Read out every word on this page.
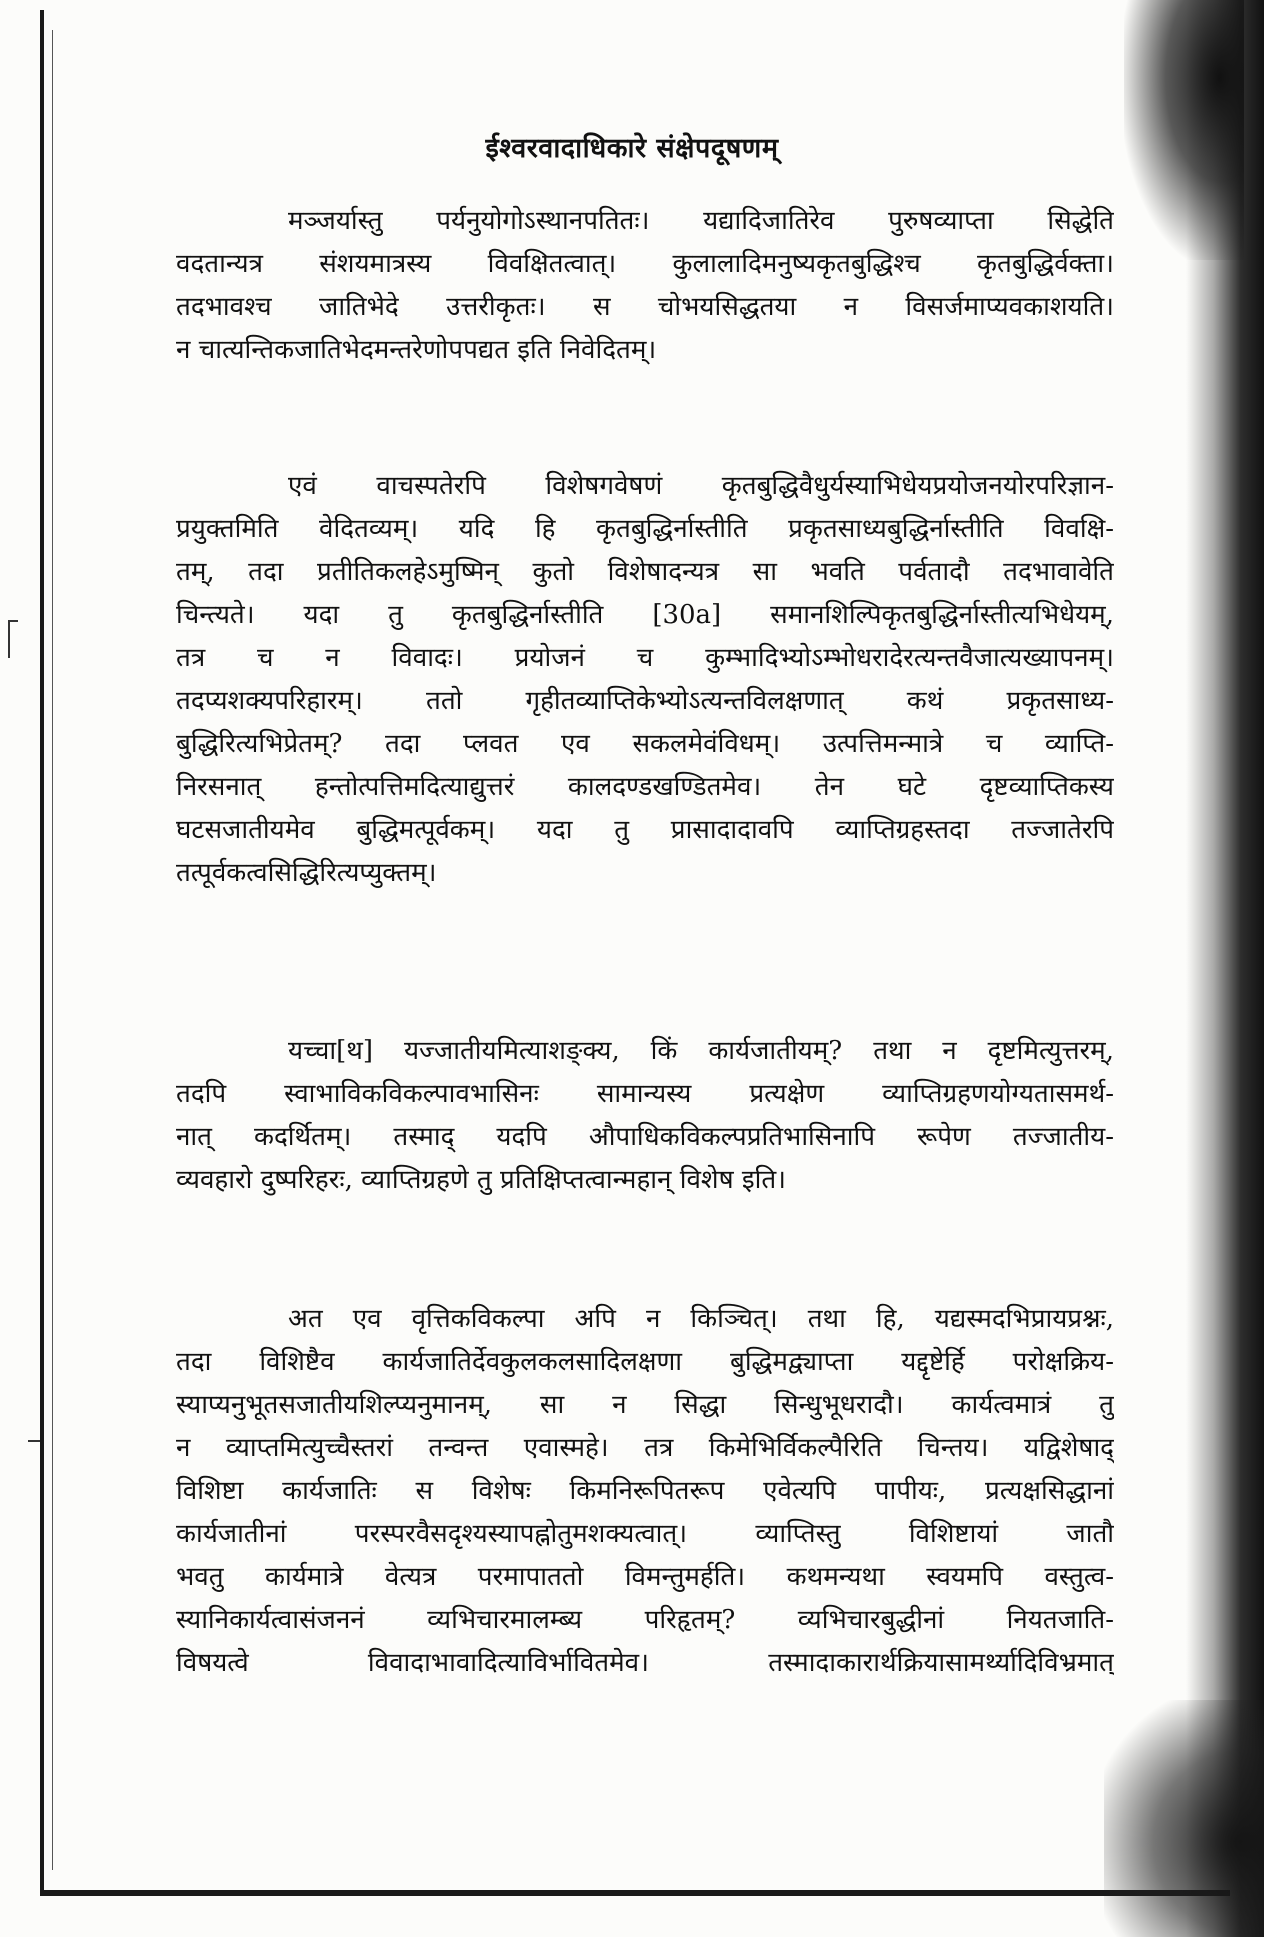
ईश्वरवादाधिकारे संक्षेपदूषणम्
मञ्जर्यास्तु पर्यनुयोगोऽस्थानपतितः। यद्यादिजातिरेव पुरुषव्याप्ता सिद्धेति
वदतान्यत्र संशयमात्रस्य विवक्षितत्वात्। कुलालादिमनुष्यकृतबुद्धिश्च कृतबुद्धिर्वक्ता।
तदभावश्च जातिभेदे उत्तरीकृतः। स चोभयसिद्धतया न विसर्जमाप्यवकाशयति।
न चात्यन्तिकजातिभेदमन्तरेणोपपद्यत इति निवेदितम्।
एवं वाचस्पतेरपि विशेषगवेषणं कृतबुद्धिवैधुर्यस्याभिधेयप्रयोजनयोरपरिज्ञान-
प्रयुक्तमिति वेदितव्यम्। यदि हि कृतबुद्धिर्नास्तीति प्रकृतसाध्यबुद्धिर्नास्तीति विवक्षि-
तम्, तदा प्रतीतिकलहेऽमुष्मिन् कुतो विशेषादन्यत्र सा भवति पर्वतादौ तदभावावेति
चिन्त्यते। यदा तु कृतबुद्धिर्नास्तीति [30a] समानशिल्पिकृतबुद्धिर्नास्तीत्यभिधेयम्,
तत्र च न विवादः। प्रयोजनं च कुम्भादिभ्योऽम्भोधरादेरत्यन्तवैजात्यख्यापनम्।
तदप्यशक्यपरिहारम्। ततो गृहीतव्याप्तिकेभ्योऽत्यन्तविलक्षणात् कथं प्रकृतसाध्य-
बुद्धिरित्यभिप्रेतम्? तदा प्लवत एव सकलमेवंविधम्। उत्पत्तिमन्मात्रे च व्याप्ति-
निरसनात् हन्तोत्पत्तिमदित्याद्युत्तरं कालदण्डखण्डितमेव। तेन घटे दृष्टव्याप्तिकस्य
घटसजातीयमेव बुद्धिमत्पूर्वकम्। यदा तु प्रासादादावपि व्याप्तिग्रहस्तदा तज्जातेरपि
तत्पूर्वकत्वसिद्धिरित्यप्युक्तम्।
यच्चा[थ] यज्जातीयमित्याशङ्क्य, किं कार्यजातीयम्? तथा न दृष्टमित्युत्तरम्,
तदपि स्वाभाविकविकल्पावभासिनः सामान्यस्य प्रत्यक्षेण व्याप्तिग्रहणयोग्यतासमर्थ-
नात् कदर्थितम्। तस्माद् यदपि औपाधिकविकल्पप्रतिभासिनापि रूपेण तज्जातीय-
व्यवहारो दुष्परिहरः, व्याप्तिग्रहणे तु प्रतिक्षिप्तत्वान्महान् विशेष इति।
अत एव वृत्तिकविकल्पा अपि न किञ्चित्। तथा हि, यद्यस्मदभिप्रायप्रश्नः,
तदा विशिष्टैव कार्यजातिर्देवकुलकलसादिलक्षणा बुद्धिमद्व्याप्ता यद्दृष्टेर्हि परोक्षक्रिय-
स्याप्यनुभूतसजातीयशिल्प्यनुमानम्, सा न सिद्धा सिन्धुभूधरादौ। कार्यत्वमात्रं तु
न व्याप्तमित्युच्चैस्तरां तन्वन्त एवास्महे। तत्र किमेभिर्विकल्पैरिति चिन्तय। यद्विशेषाद्
विशिष्टा कार्यजातिः स विशेषः किमनिरूपितरूप एवेत्यपि पापीयः, प्रत्यक्षसिद्धानां
कार्यजातीनां परस्परवैसदृश्यस्यापह्नोतुमशक्यत्वात्। व्याप्तिस्तु विशिष्टायां जातौ
भवतु कार्यमात्रे वेत्यत्र परमापाततो विमन्तुमर्हति। कथमन्यथा स्वयमपि वस्तुत्व-
स्यानिकार्यत्वासंजननं व्यभिचारमालम्ब्य परिहृतम्? व्यभिचारबुद्धीनां नियतजाति-
विषयत्वे विवादाभावादित्याविर्भावितमेव। तस्मादाकारार्थक्रियासामर्थ्यादिविभ्रमात्
